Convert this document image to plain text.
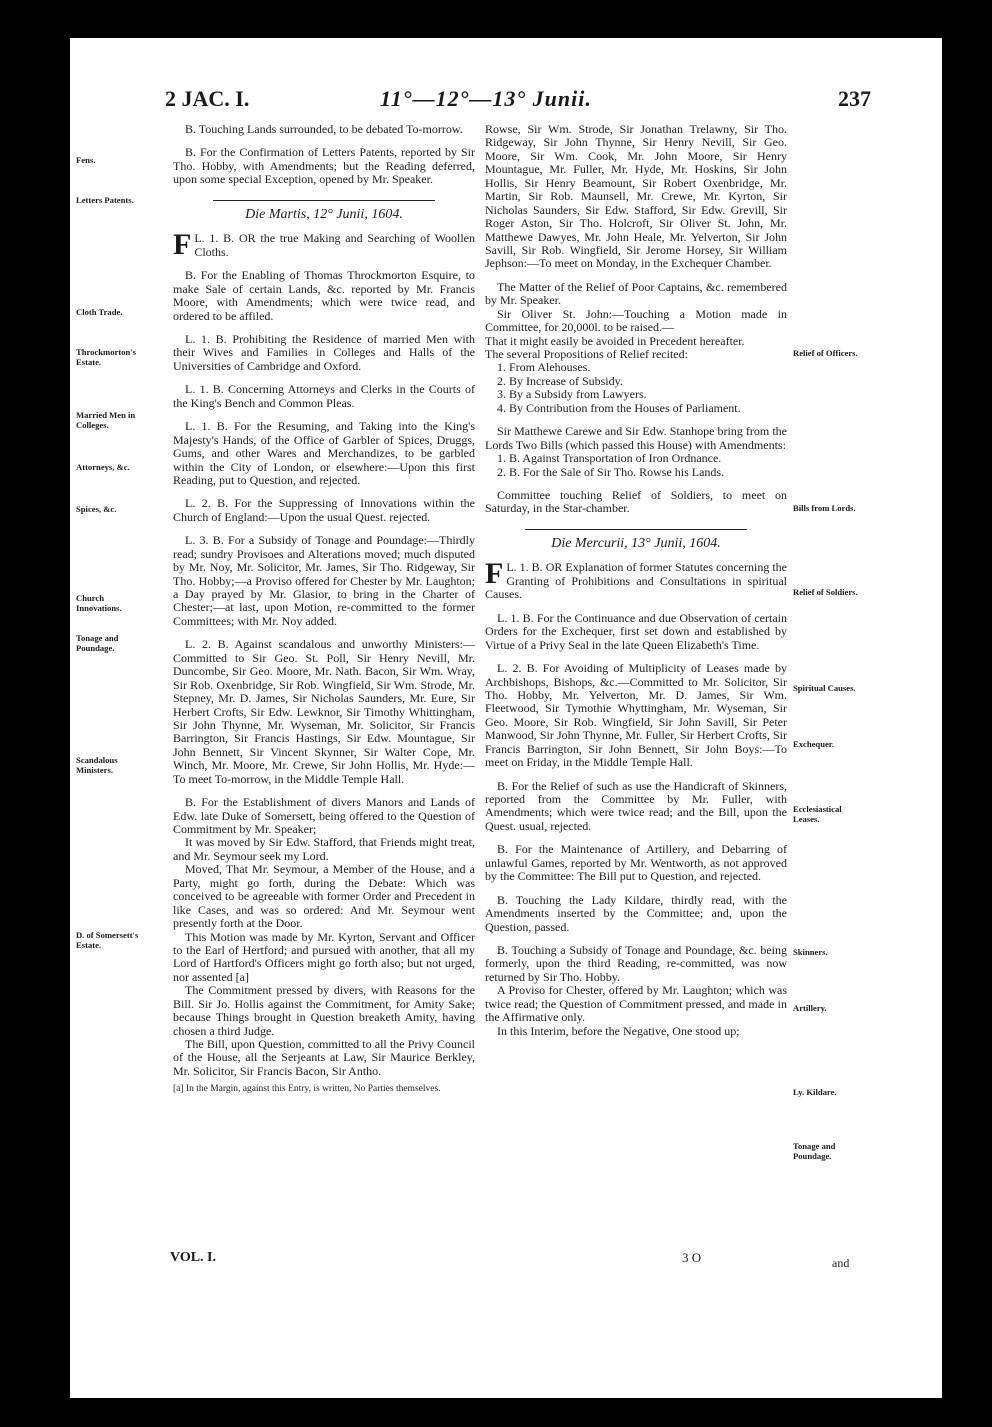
2 JAC. I.	11°—12°—13° Junii.	237
Fens.
Letters Patents.
Cloth Trade.
Throckmorton's Estate.
Married Men in Colleges.
Attorneys, &c.
Spices, &c.
Church Innovations.
Tonage and Poundage.
Scandalous Ministers.
D. of Somersett's Estate.
Relief of Officers.
Bills from Lords.
Relief of Soldiers.
Spiritual Causes.
Exchequer.
Ecclesiastical Leases.
Skinners.
Artillery.
Ly. Kildare.
Tonage and Poundage.

B. Touching Lands surrounded, to be debated To-morrow.

B. For the Confirmation of Letters Patents, reported by Sir Tho. Hobby, with Amendments; but the Reading deferred, upon some special Exception, opened by Mr. Speaker.

Die Martis, 12° Junii, 1604.

L. 1. B.
F	OR the true Making and Searching of Woollen Cloths.

B. For the Enabling of Thomas Throckmorton Esquire, to make Sale of certain Lands, &c. reported by Mr. Francis Moore, with Amendments; which were twice read, and ordered to be affiled.

L. 1. B. Prohibiting the Residence of married Men with their Wives and Families in Colleges and Halls of the Universities of Cambridge and Oxford.

L. 1. B. Concerning Attorneys and Clerks in the Courts of the King's Bench and Common Pleas.

L. 1. B. For the Resuming, and Taking into the King's Majesty's Hands, of the Office of Garbler of Spices, Druggs, Gums, and other Wares and Merchandizes, to be garbled within the City of London, or elsewhere:—Upon this first Reading, put to Question, and rejected.

L. 2. B. For the Suppressing of Innovations within the Church of England:—Upon the usual Quest. rejected.

L. 3. B. For a Subsidy of Tonage and Poundage:—Thirdly read; sundry Provisoes and Alterations moved; much disputed by Mr. Noy, Mr. Solicitor, Mr. James, Sir Tho. Ridgeway, Sir Tho. Hobby;—a Proviso offered for Chester by Mr. Laughton; a Day prayed by Mr. Glasior, to bring in the Charter of Chester;—at last, upon Motion, re-committed to the former Committees; with Mr. Noy added.

L. 2. B. Against scandalous and unworthy Ministers:—Committed to Sir Geo. St. Poll, Sir Henry Nevill, Mr. Duncombe, Sir Geo. Moore, Mr. Nath. Bacon, Sir Wm. Wray, Sir Rob. Oxenbridge, Sir Rob. Wingfield, Sir Wm. Strode, Mr. Stepney, Mr. D. James, Sir Nicholas Saunders, Mr. Eure, Sir Herbert Crofts, Sir Edw. Lewknor, Sir Timothy Whittingham, Sir John Thynne, Mr. Wyseman, Mr. Solicitor, Sir Francis Barrington, Sir Francis Hastings, Sir Edw. Mountague, Sir John Bennett, Sir Vincent Skynner, Sir Walter Cope, Mr. Winch, Mr. Moore, Mr. Crewe, Sir John Hollis, Mr. Hyde:—To meet To-morrow, in the Middle Temple Hall.

B. For the Establishment of divers Manors and Lands of Edw. late Duke of Somersett, being offered to the Question of Commitment by Mr. Speaker;

It was moved by Sir Edw. Stafford, that Friends might treat, and Mr. Seymour seek my Lord.

Moved, That Mr. Seymour, a Member of the House, and a Party, might go forth, during the Debate: Which was conceived to be agreeable with former Order and Precedent in like Cases, and was so ordered: And Mr. Seymour went presently forth at the Door.

This Motion was made by Mr. Kyrton, Servant and Officer to the Earl of Hertford; and pursued with another, that all my Lord of Hartford's Officers might go forth also; but not urged, nor assented [a]

The Commitment pressed by divers, with Reasons for the Bill. Sir Jo. Hollis against the Commitment, for Amity Sake; because Things brought in Question breaketh Amity, having chosen a third Judge.

The Bill, upon Question, committed to all the Privy Council of the House, all the Serjeants at Law, Sir Maurice Berkley, Mr. Solicitor, Sir Francis Bacon, Sir Antho.

[a] In the Margin, against this Entry, is written, No Parties themselves.

Rowse, Sir Wm. Strode, Sir Jonathan Trelawny, Sir Tho. Ridgeway, Sir John Thynne, Sir Henry Nevill, Sir Geo. Moore, Sir Wm. Cook, Mr. John Moore, Sir Henry Mountague, Mr. Fuller, Mr. Hyde, Mr. Hoskins, Sir John Hollis, Sir Henry Beamount, Sir Robert Oxenbridge, Mr. Martin, Sir Rob. Maunsell, Mr. Crewe, Mr. Kyrton, Sir Nicholas Saunders, Sir Edw. Stafford, Sir Edw. Grevill, Sir Roger Aston, Sir Tho. Holcroft, Sir Oliver St. John, Mr. Matthewe Dawyes, Mr. John Heale, Mr. Yelverton, Sir John Savill, Sir Rob. Wingfield, Sir Jerome Horsey, Sir William Jephson:—To meet on Monday, in the Exchequer Chamber.

The Matter of the Relief of Poor Captains, &c. remembered by Mr. Speaker.

Sir Oliver St. John:—Touching a Motion made in Committee, for 20,000l. to be raised.—

That it might easily be avoided in Precedent hereafter.

The several Propositions of Relief recited:

1. From Alehouses.
2. By Increase of Subsidy.
3. By a Subsidy from Lawyers.
4. By Contribution from the Houses of Parliament.

Sir Matthewe Carewe and Sir Edw. Stanhope bring from the Lords Two Bills (which passed this House) with Amendments:

1. B. Against Transportation of Iron Ordnance.
2. B. For the Sale of Sir Tho. Rowse his Lands.

Committee touching Relief of Soldiers, to meet on Saturday, in the Star-chamber.

Die Mercurii, 13° Junii, 1604.

L. 1. B.
F	OR Explanation of former Statutes concerning the Granting of Prohibitions and Consultations in spiritual Causes.

L. 1. B. For the Continuance and due Observation of certain Orders for the Exchequer, first set down and established by Virtue of a Privy Seal in the late Queen Elizabeth's Time.

L. 2. B. For Avoiding of Multiplicity of Leases made by Archbishops, Bishops, &c.—Committed to Mr. Solicitor, Sir Tho. Hobby, Mr. Yelverton, Mr. D. James, Sir Wm. Fleetwood, Sir Tymothie Whyttingham, Mr. Wyseman, Sir Geo. Moore, Sir Rob. Wingfield, Sir John Savill, Sir Peter Manwood, Sir John Thynne, Mr. Fuller, Sir Herbert Crofts, Sir Francis Barrington, Sir John Bennett, Sir John Boys:—To meet on Friday, in the Middle Temple Hall.

B. For the Relief of such as use the Handicraft of Skinners, reported from the Committee by Mr. Fuller, with Amendments; which were twice read; and the Bill, upon the Quest. usual, rejected.

B. For the Maintenance of Artillery, and Debarring of unlawful Games, reported by Mr. Wentworth, as not approved by the Committee: The Bill put to Question, and rejected.

B. Touching the Lady Kildare, thirdly read, with the Amendments inserted by the Committee; and, upon the Question, passed.

B. Touching a Subsidy of Tonage and Poundage, &c. being formerly, upon the third Reading, re-committed, was now returned by Sir Tho. Hobby.

A Proviso for Chester, offered by Mr. Laughton; which was twice read; the Question of Commitment pressed, and made in the Affirmative only.

In this Interim, before the Negative, One stood up;

VOL. I.	3 O	and
